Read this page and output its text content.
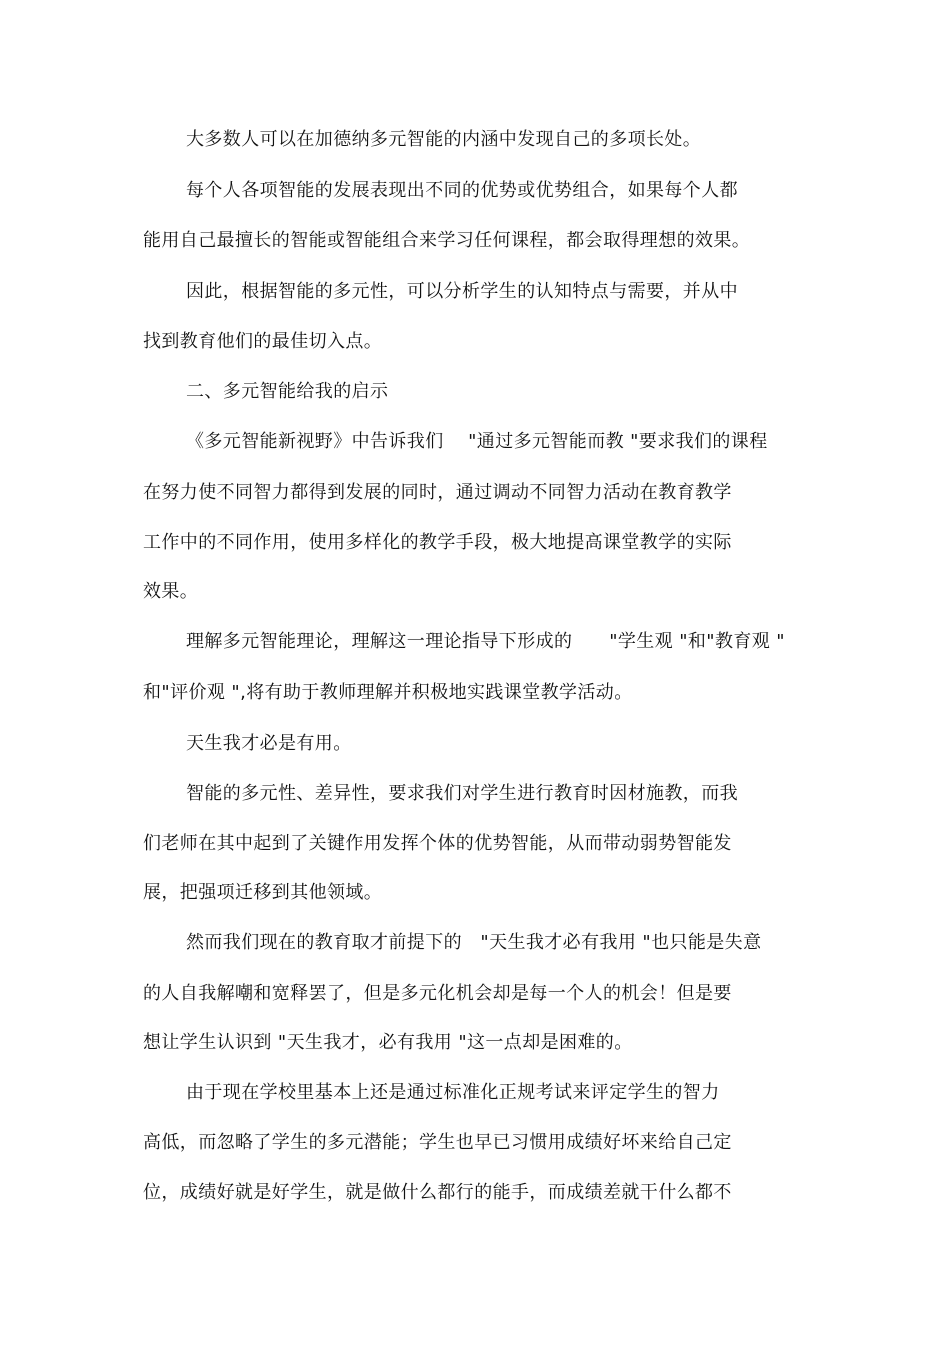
大多数人可以在加德纳多元智能的内涵中发现自己的多项长处。
每个人各项智能的发展表现出不同的优势或优势组合，如果每个人都
能用自己最擅长的智能或智能组合来学习任何课程，都会取得理想的效果。
因此，根据智能的多元性，可以分析学生的认知特点与需要，并从中
找到教育他们的最佳切入点。
二、多元智能给我的启示
《多元智能新视野》中告诉我们　 "通过多元智能而教 "要求我们的课程
在努力使不同智力都得到发展的同时，通过调动不同智力活动在教育教学
工作中的不同作用，使用多样化的教学手段，极大地提高课堂教学的实际
效果。
理解多元智能理论，理解这一理论指导下形成的　　"学生观 "和"教育观 "
和"评价观 ",将有助于教师理解并积极地实践课堂教学活动。
天生我才必是有用。
智能的多元性、差异性，要求我们对学生进行教育时因材施教，而我
们老师在其中起到了关键作用发挥个体的优势智能，从而带动弱势智能发
展，把强项迁移到其他领域。
然而我们现在的教育取才前提下的　"天生我才必有我用 "也只能是失意
的人自我解嘲和宽释罢了，但是多元化机会却是每一个人的机会！但是要
想让学生认识到 "天生我才，必有我用 "这一点却是困难的。
由于现在学校里基本上还是通过标准化正规考试来评定学生的智力
高低，而忽略了学生的多元潜能；学生也早已习惯用成绩好坏来给自己定
位，成绩好就是好学生，就是做什么都行的能手，而成绩差就干什么都不
